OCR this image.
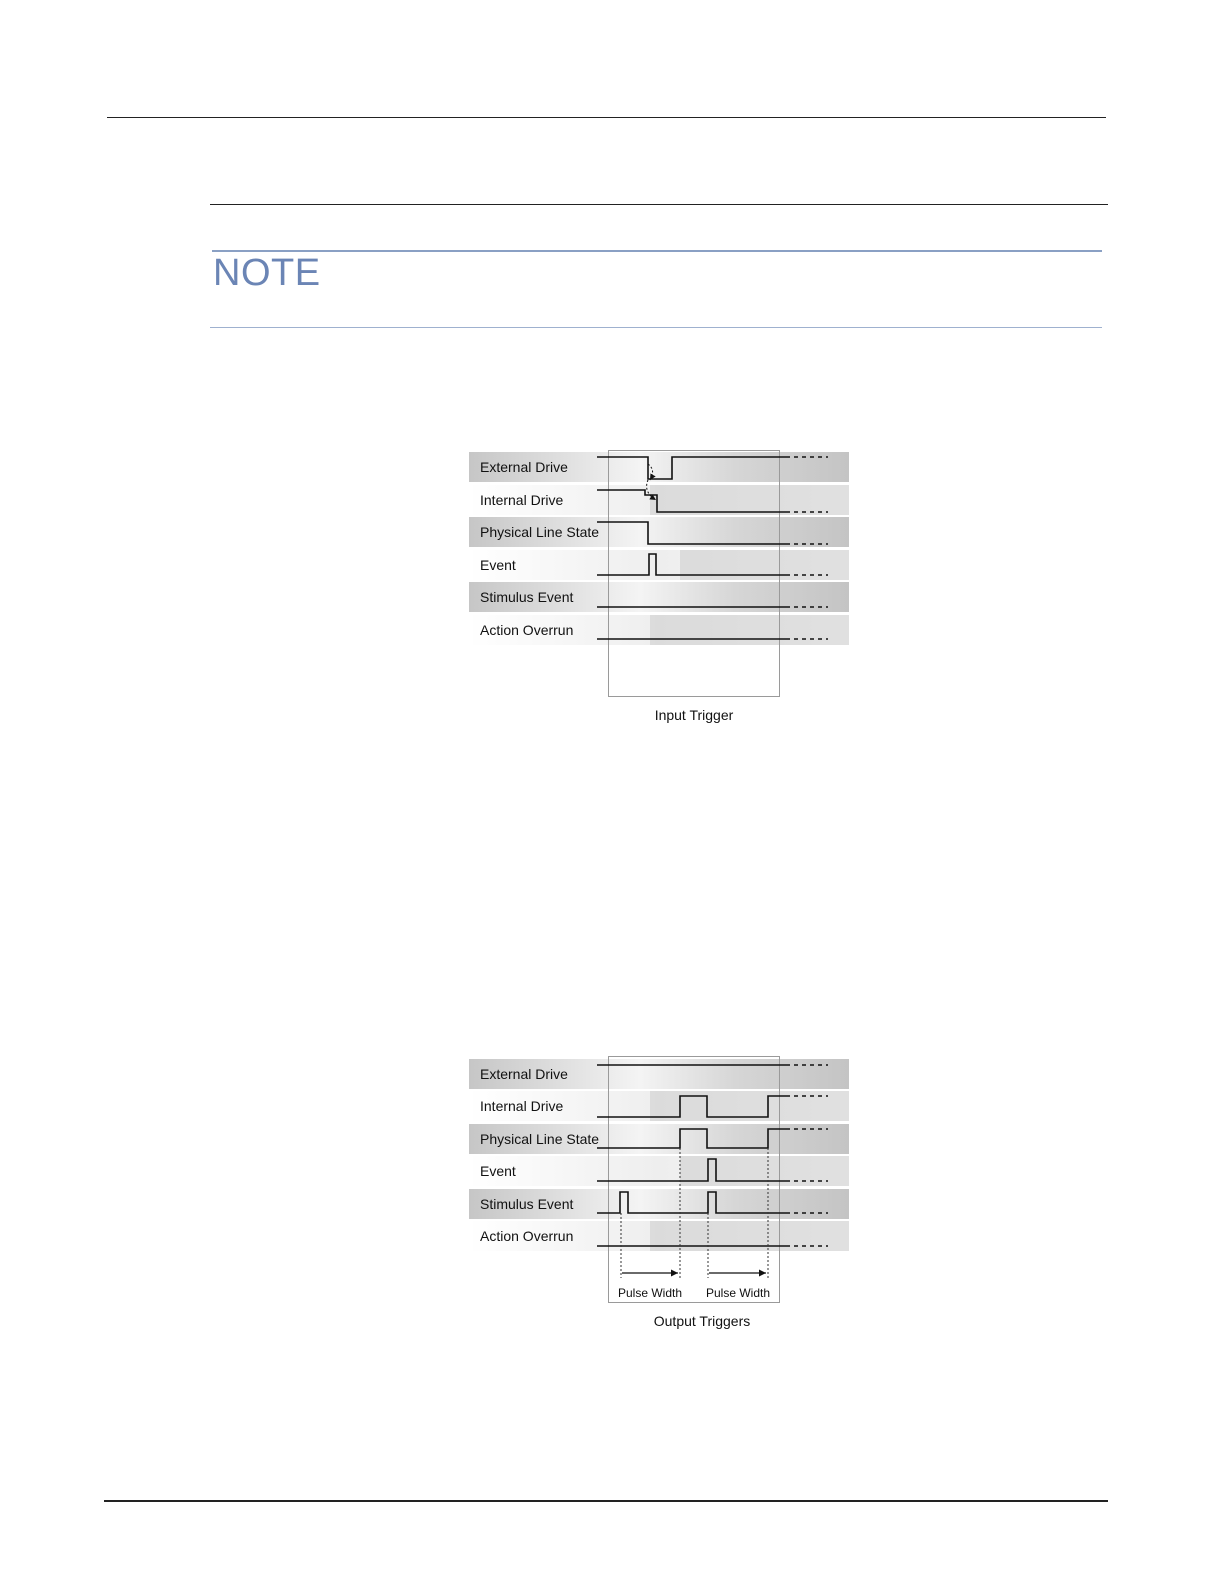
NOTE
External Drive
Internal Drive
Physical Line State
Event
Stimulus Event
Action Overrun
Input Trigger
External Drive
Internal Drive
Physical Line State
Event
Stimulus Event
Action Overrun
Pulse Width Pulse Width
Output Triggers
